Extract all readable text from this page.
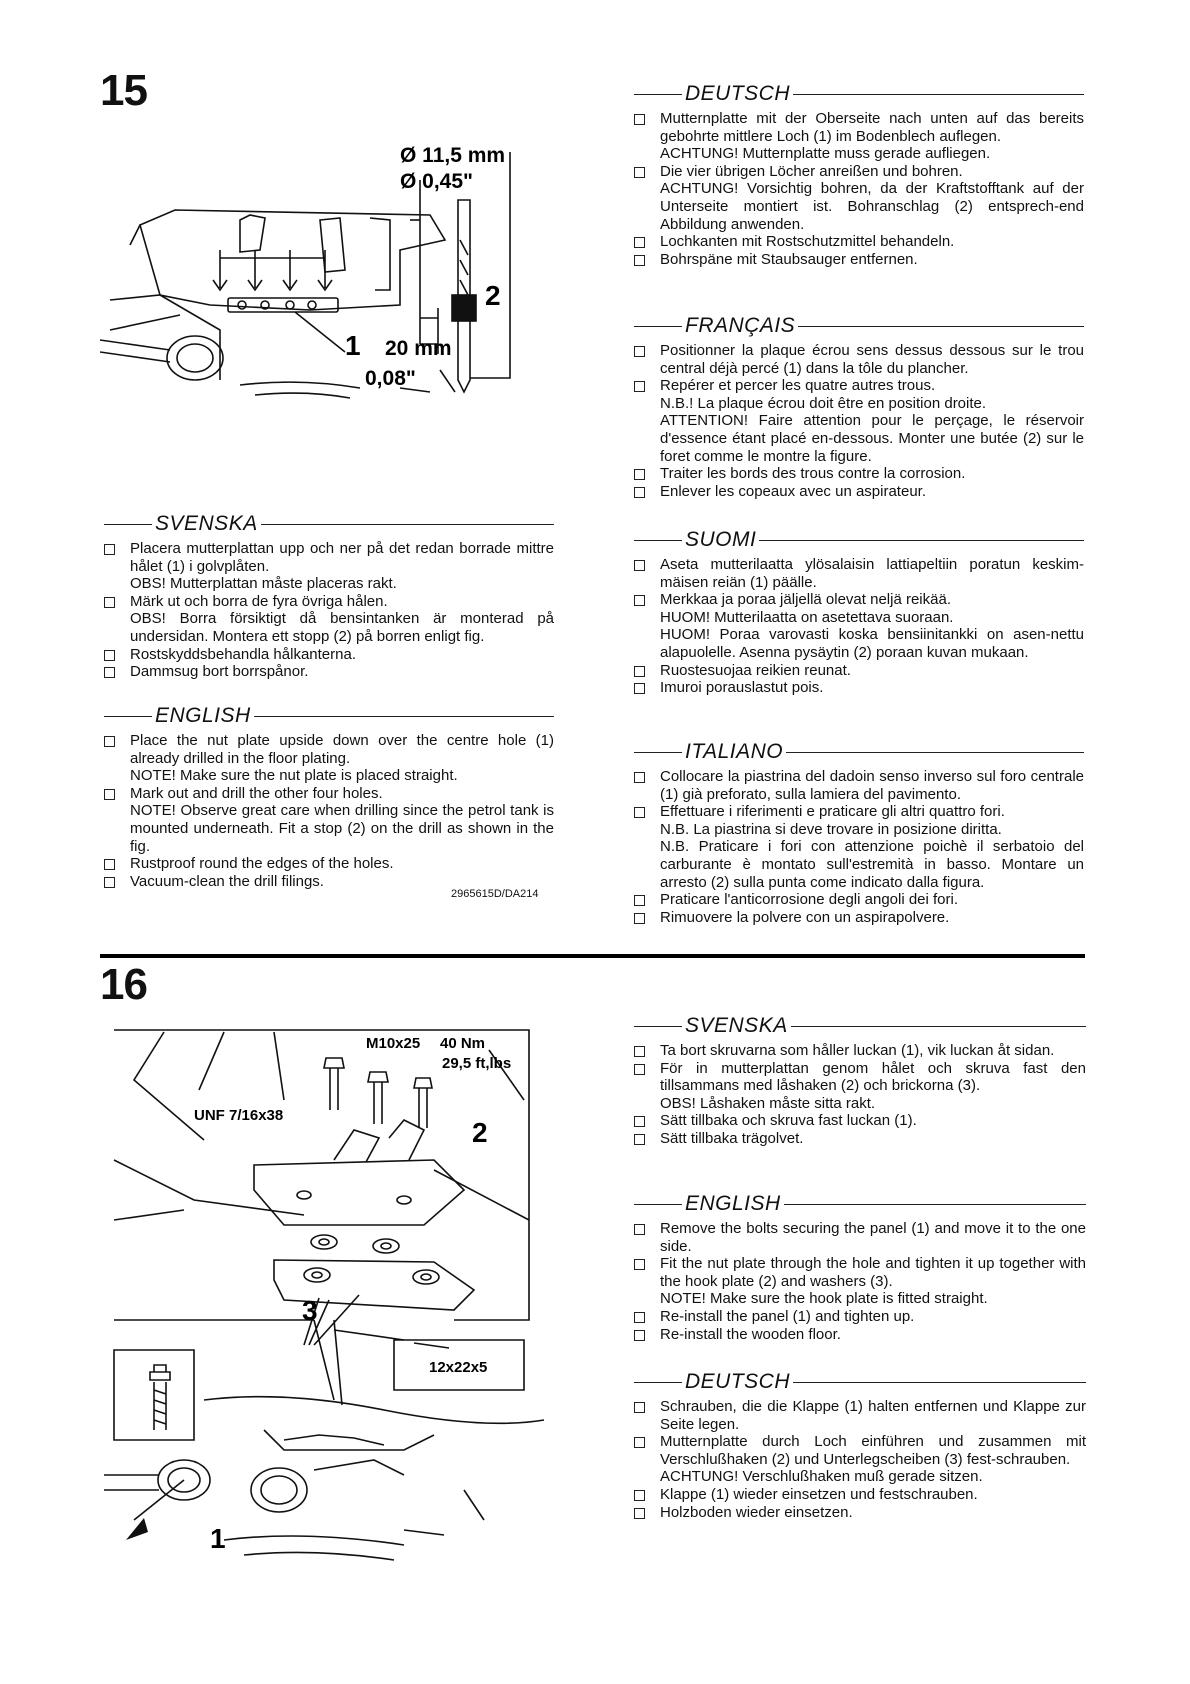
15
Ø 11,5 mm
Ø 0,45"
20 mm
0,08"
1
2
SVENSKA
Placera mutterplattan upp och ner på det redan borrade mittre hålet (1) i golvplåten.
OBS! Mutterplattan måste placeras rakt.
Märk ut och borra de fyra övriga hålen.
OBS! Borra försiktigt då bensintanken är monterad på undersidan. Montera ett stopp (2) på borren enligt fig.
Rostskyddsbehandla hålkanterna.
Dammsug bort borrspånor.
ENGLISH
Place the nut plate upside down over the centre hole (1) already drilled in the floor plating.
NOTE! Make sure the nut plate is placed straight.
Mark out and drill the other four holes.
NOTE! Observe great care when drilling since the petrol tank is mounted underneath. Fit a stop (2) on the drill as shown in the fig.
Rustproof round the edges of the holes.
Vacuum-clean the drill filings.
2965615D/DA214
DEUTSCH
Mutternplatte mit der Oberseite nach unten auf das bereits gebohrte mittlere Loch (1) im Bodenblech auflegen.
ACHTUNG! Mutternplatte muss gerade aufliegen.
Die vier übrigen Löcher anreißen und bohren.
ACHTUNG! Vorsichtig bohren, da der Kraftstofftank auf der Unterseite montiert ist. Bohranschlag (2) entsprech-end Abbildung anwenden.
Lochkanten mit Rostschutzmittel behandeln.
Bohrspäne mit Staubsauger entfernen.
FRANÇAIS
Positionner la plaque écrou sens dessus dessous sur le trou central déjà percé (1) dans la tôle du plancher.
Repérer et percer les quatre autres trous.
N.B.! La plaque écrou doit être en position droite.
ATTENTION! Faire attention pour le perçage, le réservoir d'essence étant placé en-dessous. Monter une butée (2) sur le foret comme le montre la figure.
Traiter les bords des trous contre la corrosion.
Enlever les copeaux avec un aspirateur.
SUOMI
Aseta mutterilaatta ylösalaisin lattiapeltiin poratun keskim-mäisen reiän (1) päälle.
Merkkaa ja poraa jäljellä olevat neljä reikää.
HUOM! Mutterilaatta on asetettava suoraan.
HUOM! Poraa varovasti koska bensiinitankki on asen-nettu alapuolelle. Asenna pysäytin (2) poraan kuvan mukaan.
Ruostesuojaa reikien reunat.
Imuroi porauslastut pois.
ITALIANO
Collocare la piastrina del dadoin senso inverso sul foro centrale (1) già preforato, sulla lamiera del pavimento.
Effettuare i riferimenti e praticare gli altri quattro fori.
N.B. La piastrina si deve trovare in posizione diritta.
N.B. Praticare i fori con attenzione poichè il serbatoio del carburante è montato sull'estremità in basso. Montare un arresto (2) sulla punta come indicato dalla figura.
Praticare l'anticorrosione degli angoli dei fori.
Rimuovere la polvere con un aspirapolvere.
16
M10x25 40 Nm
29,5 ft,lbs
UNF 7/16x38
12x22x5
1
2
3
SVENSKA
Ta bort skruvarna som håller luckan (1), vik luckan åt sidan.
För in mutterplattan genom hålet och skruva fast den tillsammans med låshaken (2) och brickorna (3).
OBS! Låshaken måste sitta rakt.
Sätt tillbaka och skruva fast luckan (1).
Sätt tillbaka trägolvet.
ENGLISH
Remove the bolts securing the panel (1) and move it to the one side.
Fit the nut plate through the hole and tighten it up together with the hook plate (2) and washers (3).
NOTE! Make sure the hook plate is fitted straight.
Re-install the panel (1) and tighten up.
Re-install the wooden floor.
DEUTSCH
Schrauben, die die Klappe (1) halten entfernen und Klappe zur Seite legen.
Mutternplatte durch Loch einführen und zusammen mit Verschlußhaken (2) und Unterlegscheiben (3) fest-schrauben.
ACHTUNG! Verschlußhaken muß gerade sitzen.
Klappe (1) wieder einsetzen und festschrauben.
Holzboden wieder einsetzen.
